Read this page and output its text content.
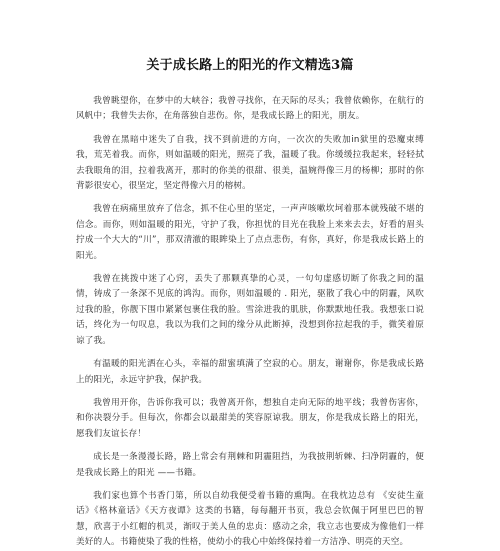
关于成长路上的阳光的作文精选3篇

我曾眺望你，在梦中的大峡谷；我曾寻找你，在天际的尽头；我曾依赖你，在航行的风帆中；我曾失去你，在角落独自悲伤。你，是我成长路上的阳光，朋友。

我曾在黑暗中迷失了自我，找不到前进的方向，一次次的失败加in狱里的恐魔束缚我，荒芜着我。而你，则如温暖的阳光，照亮了我，温暖了我。你缓缓拉我起来，轻轻拭去我眼角的泪，拉着我离开，那时的你美的很甜、很美，温婉得像三月的杨柳；那时的你背影很安心，很坚定，坚定得像六月的榕树。

我曾在病痛里放弃了信念，抓不住心里的坚定，一声声咳嗽坎坷着那本就残破不堪的信念。而你，则如温暖的阳光，守护了我，你担忧的目光在我脸上来来去去，好看的眉头拧成一个大大的“川”，那双清澈的眼眸染上了点点悲伤，有你，真好，你是我成长路上的阳光。

我曾在挑拨中迷了心窍，丢失了那颗真挚的心灵，一句句虚感切断了你我之间的温情，铸成了一条深不见底的鸿沟。而你，则如温暖的 . 阳光，驱散了我心中的阴霾，风吹过我的脸，你靓下围巾紧紧包裹住我的脸。雪涂进我的肌肤，你默默地任我。我想张口说话，终化为一句叹息，我以为我们之间的缘分从此断掉，没想到你拉起我的手，微笑着原谅了我。

有温暖的阳光洒在心头，幸福的甜蜜填满了空寂的心。朋友，谢谢你，你是我成长路上的阳光，永远守护我，保护我。

我曾用开你，告诉你我可以；我曾离开你，想独自走向无际的地平线；我曾伤害你，和你决裂分手。但每次，你都会以最甜美的笑容原谅我。朋友，你是我成长路上的阳光，愿我们友谊长存！

成长是一条漫漫长路，路上常会有荆棘和阴霾阻挡，为我披荆斩棘、扫净阴霾的，便是我成长路上的阳光 ——书籍。

我们家也算个书香门第，所以自幼我便受着书籍的熏陶。在我枕边总有 《安徒生童话》《格林童话》《天方夜谭》这类的书籍，每每翻开书页，我总会钦佩于阿里巴巴的智慧，欣喜于小红帽的机灵，渐叹于美人鱼的忠贞：感动之余，我立志也要成为像他们一样美好的人。书籍使染了我的性格，使幼小的我心中始终保持着一方洁净、明亮的天空。
